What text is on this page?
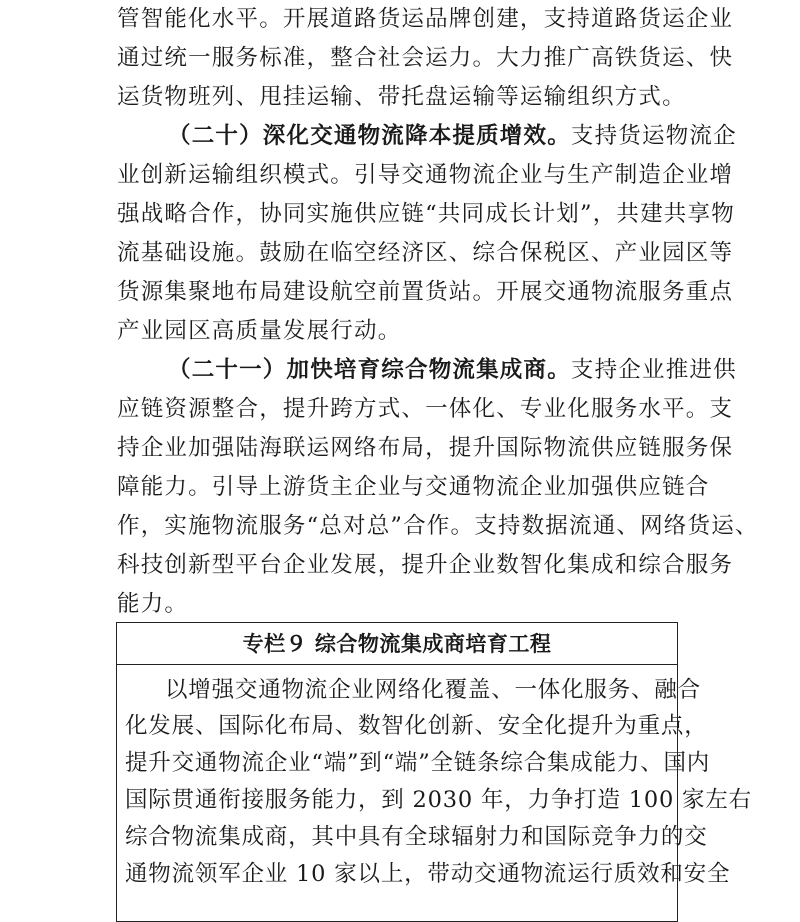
管智能化水平。开展道路货运品牌创建，支持道路货运企业
通过统一服务标准，整合社会运力。大力推广高铁货运、快
运货物班列、甩挂运输、带托盘运输等运输组织方式。
（二十）深化交通物流降本提质增效。支持货运物流企
业创新运输组织模式。引导交通物流企业与生产制造企业增
强战略合作，协同实施供应链“共同成长计划”，共建共享物
流基础设施。鼓励在临空经济区、综合保税区、产业园区等
货源集聚地布局建设航空前置货站。开展交通物流服务重点
产业园区高质量发展行动。
（二十一）加快培育综合物流集成商。支持企业推进供
应链资源整合，提升跨方式、一体化、专业化服务水平。支
持企业加强陆海联运网络布局，提升国际物流供应链服务保
障能力。引导上游货主企业与交通物流企业加强供应链合
作，实施物流服务“总对总”合作。支持数据流通、网络货运、
科技创新型平台企业发展，提升企业数智化集成和综合服务
能力。
专栏９ 综合物流集成商培育工程
以增强交通物流企业网络化覆盖、一体化服务、融合
化发展、国际化布局、数智化创新、安全化提升为重点，
提升交通物流企业“端”到“端”全链条综合集成能力、国内
国际贯通衔接服务能力，到 2030 年，力争打造 100 家左右
综合物流集成商，其中具有全球辐射力和国际竞争力的交
通物流领军企业 10 家以上，带动交通物流运行质效和安全
